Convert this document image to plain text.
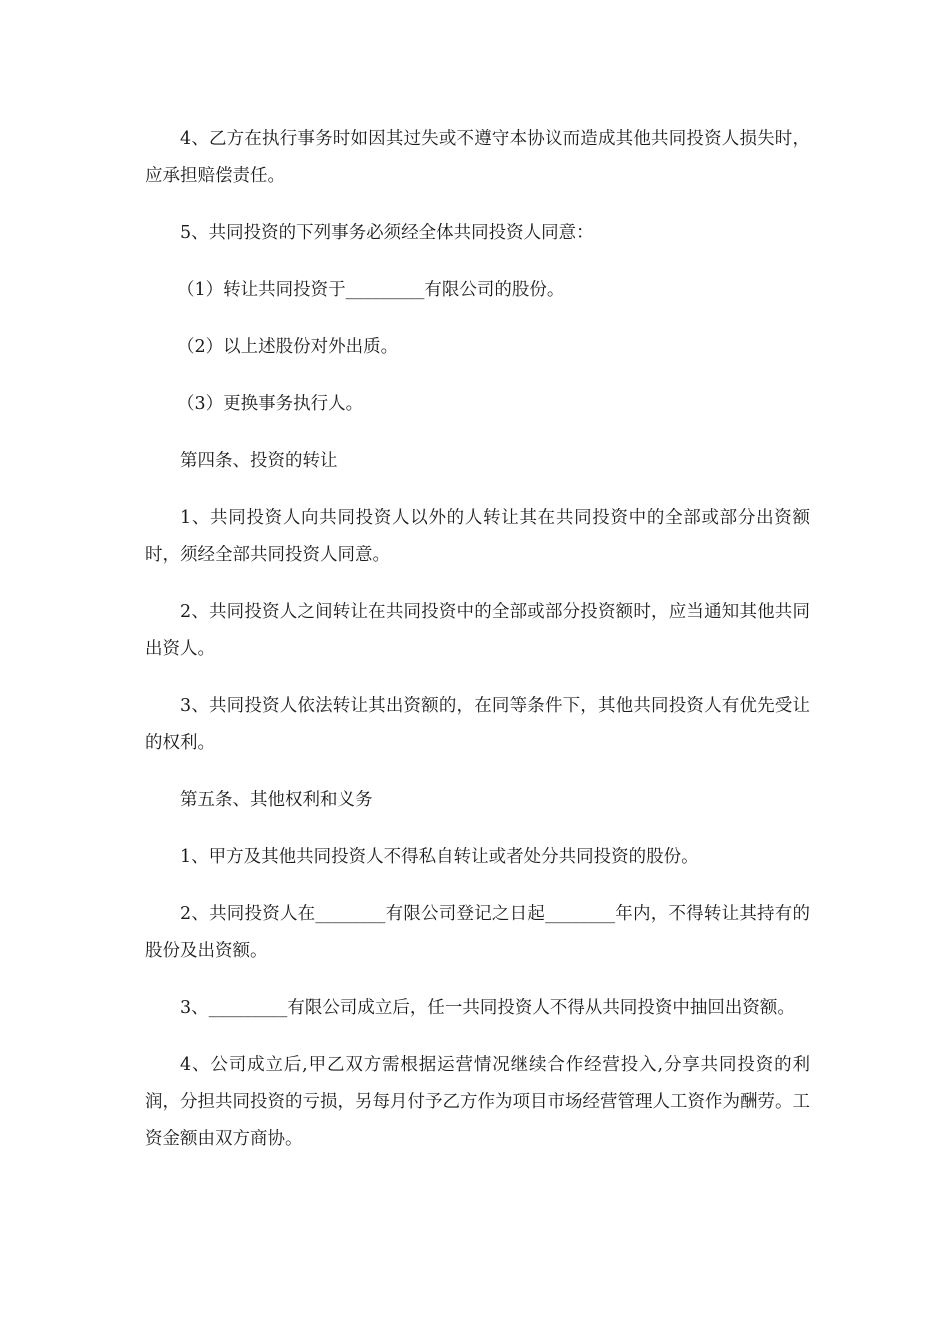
4、乙方在执行事务时如因其过失或不遵守本协议而造成其他共同投资人损失时，应承担赔偿责任。

5、共同投资的下列事务必须经全体共同投资人同意：

（1）转让共同投资于_________有限公司的股份。

（2）以上述股份对外出质。

（3）更换事务执行人。

第四条、投资的转让

1、共同投资人向共同投资人以外的人转让其在共同投资中的全部或部分出资额时，须经全部共同投资人同意。

2、共同投资人之间转让在共同投资中的全部或部分投资额时，应当通知其他共同出资人。

3、共同投资人依法转让其出资额的，在同等条件下，其他共同投资人有优先受让的权利。

第五条、其他权利和义务

1、甲方及其他共同投资人不得私自转让或者处分共同投资的股份。

2、共同投资人在________有限公司登记之日起________年内，不得转让其持有的股份及出资额。

3、_________有限公司成立后，任一共同投资人不得从共同投资中抽回出资额。

4、公司成立后,甲乙双方需根据运营情况继续合作经营投入,分享共同投资的利润，分担共同投资的亏损，另每月付予乙方作为项目市场经营管理人工资作为酬劳。工资金额由双方商协。
